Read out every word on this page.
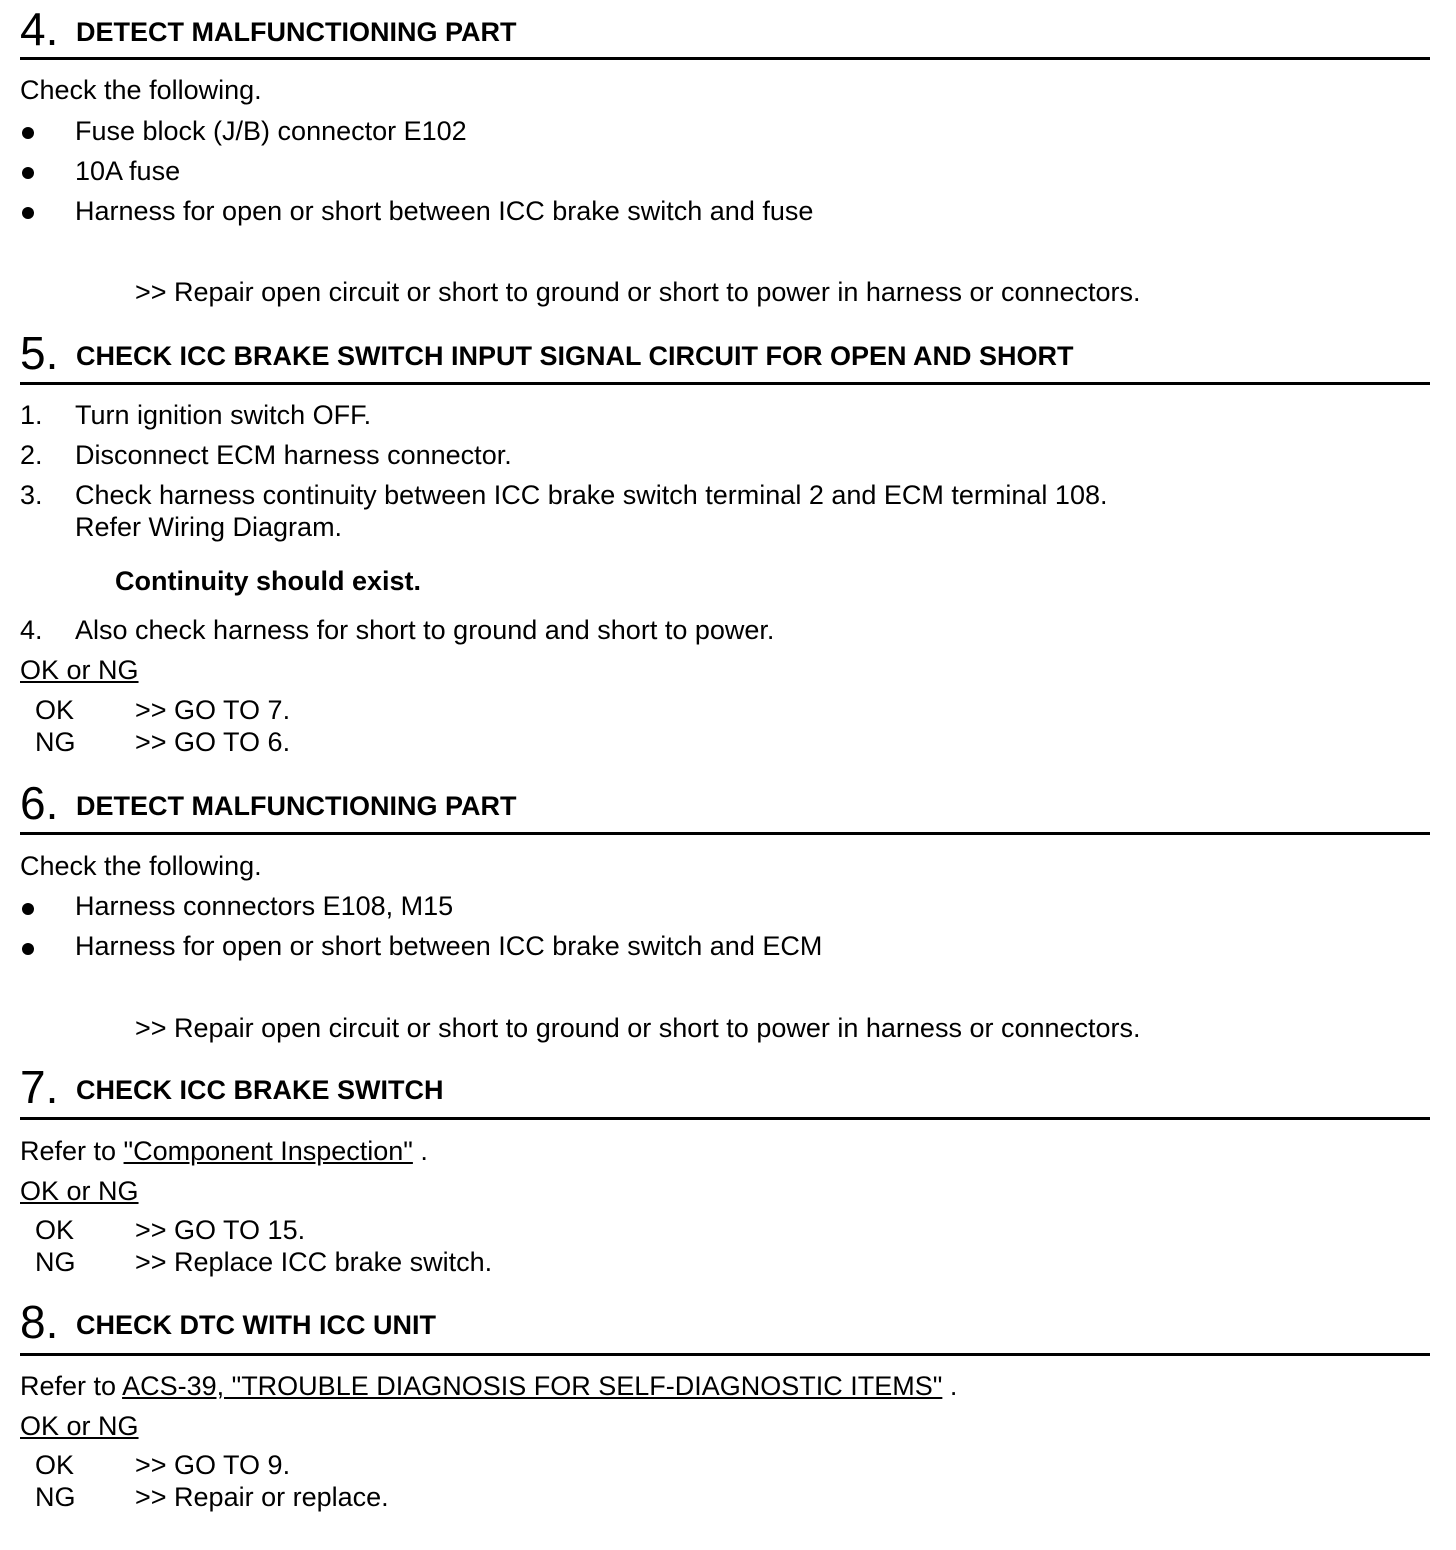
4. DETECT MALFUNCTIONING PART
Check the following.
Fuse block (J/B) connector E102
10A fuse
Harness for open or short between ICC brake switch and fuse
>> Repair open circuit or short to ground or short to power in harness or connectors.
5. CHECK ICC BRAKE SWITCH INPUT SIGNAL CIRCUIT FOR OPEN AND SHORT
1. Turn ignition switch OFF.
2. Disconnect ECM harness connector.
3. Check harness continuity between ICC brake switch terminal 2 and ECM terminal 108.
Refer Wiring Diagram.
Continuity should exist.
4. Also check harness for short to ground and short to power.
OK or NG
OK >> GO TO 7.
NG >> GO TO 6.
6. DETECT MALFUNCTIONING PART
Check the following.
Harness connectors E108, M15
Harness for open or short between ICC brake switch and ECM
>> Repair open circuit or short to ground or short to power in harness or connectors.
7. CHECK ICC BRAKE SWITCH
Refer to "Component Inspection" .
OK or NG
OK >> GO TO 15.
NG >> Replace ICC brake switch.
8. CHECK DTC WITH ICC UNIT
Refer to ACS-39, "TROUBLE DIAGNOSIS FOR SELF-DIAGNOSTIC ITEMS" .
OK or NG
OK >> GO TO 9.
NG >> Repair or replace.
